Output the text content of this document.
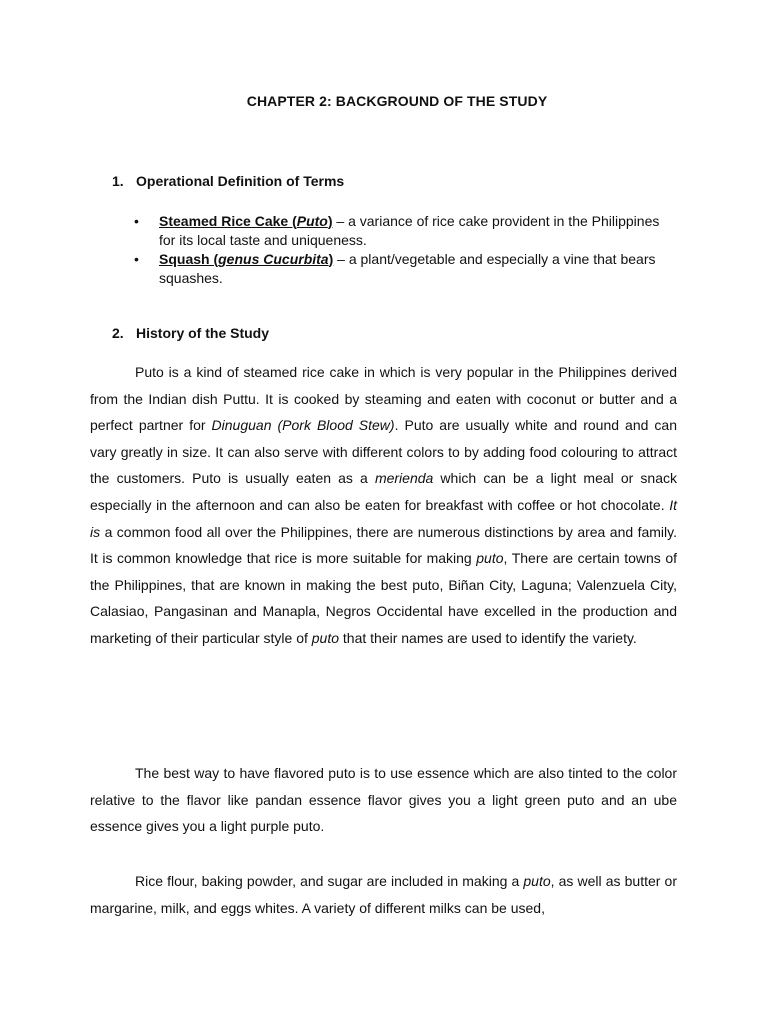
CHAPTER 2: BACKGROUND OF THE STUDY
1. Operational Definition of Terms
• Steamed Rice Cake (Puto) – a variance of rice cake provident in the Philippines for its local taste and uniqueness.
• Squash (genus Cucurbita) – a plant/vegetable and especially a vine that bears squashes.
2. History of the Study

Puto is a kind of steamed rice cake in which is very popular in the Philippines derived from the Indian dish Puttu. It is cooked by steaming and eaten with coconut or butter and a perfect partner for Dinuguan (Pork Blood Stew). Puto are usually white and round and can vary greatly in size. It can also serve with different colors to by adding food colouring to attract the customers. Puto is usually eaten as a merienda which can be a light meal or snack especially in the afternoon and can also be eaten for breakfast with coffee or hot chocolate. It is a common food all over the Philippines, there are numerous distinctions by area and family. It is common knowledge that rice is more suitable for making puto, There are certain towns of the Philippines, that are known in making the best puto, Biñan City, Laguna; Valenzuela City, Calasiao, Pangasinan and Manapla, Negros Occidental have excelled in the production and marketing of their particular style of puto that their names are used to identify the variety.

The best way to have flavored puto is to use essence which are also tinted to the color relative to the flavor like pandan essence flavor gives you a light green puto and an ube essence gives you a light purple puto.

Rice flour, baking powder, and sugar are included in making a puto, as well as butter or margarine, milk, and eggs whites. A variety of different milks can be used,
